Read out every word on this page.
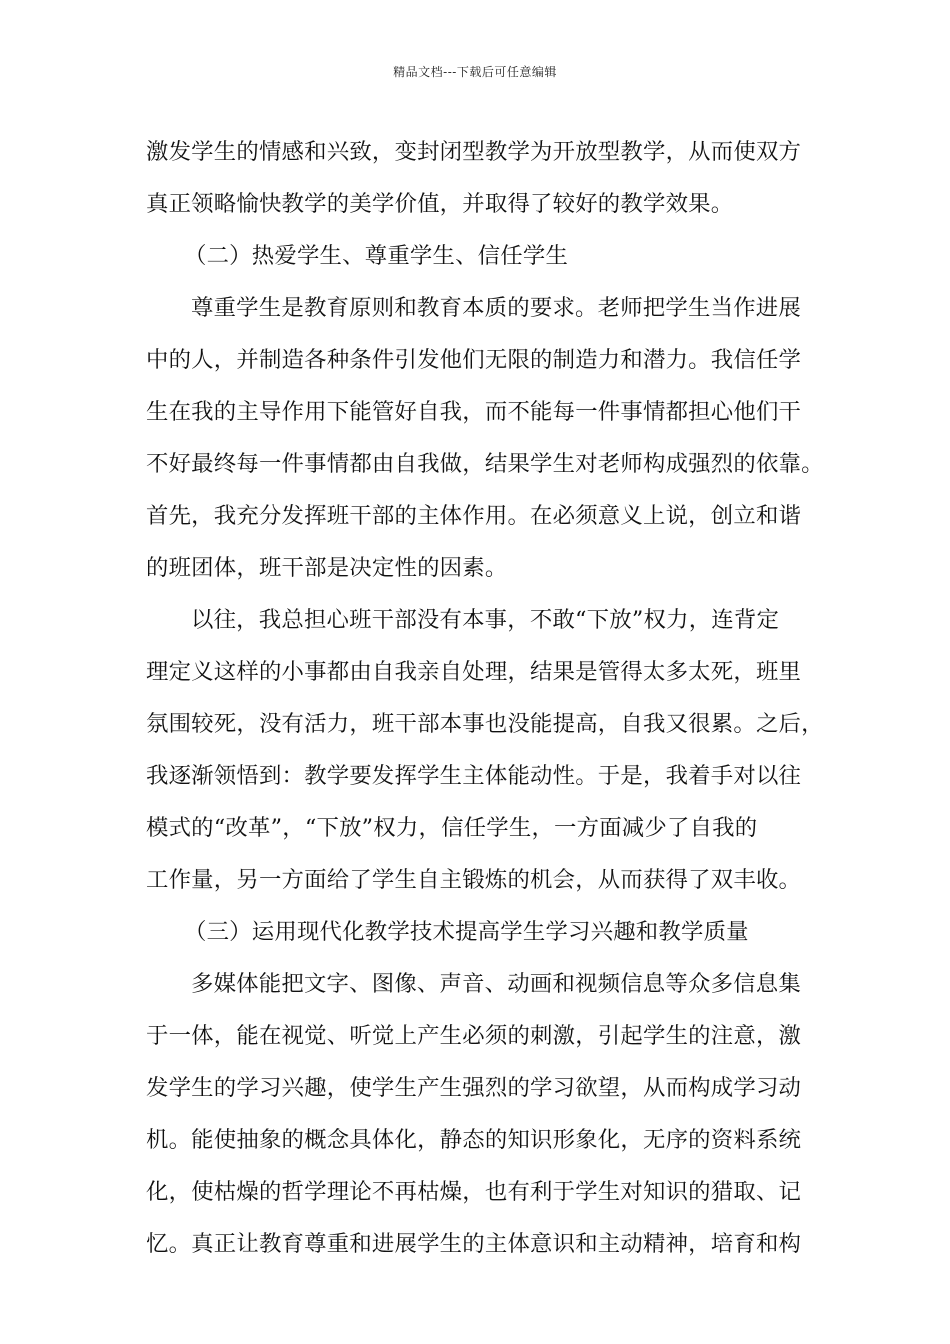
精品文档---下载后可任意编辑
激发学生的情感和兴致，变封闭型教学为开放型教学，从而使双方
真正领略愉快教学的美学价值，并取得了较好的教学效果。
（二）热爱学生、尊重学生、信任学生
尊重学生是教育原则和教育本质的要求。老师把学生当作进展
中的人，并制造各种条件引发他们无限的制造力和潜力。我信任学
生在我的主导作用下能管好自我，而不能每一件事情都担心他们干
不好最终每一件事情都由自我做，结果学生对老师构成强烈的依靠。
首先，我充分发挥班干部的主体作用。在必须意义上说，创立和谐
的班团体，班干部是决定性的因素。
以往，我总担心班干部没有本事，不敢“下放”权力，连背定
理定义这样的小事都由自我亲自处理，结果是管得太多太死，班里
氛围较死，没有活力，班干部本事也没能提高，自我又很累。之后，
我逐渐领悟到：教学要发挥学生主体能动性。于是，我着手对以往
模式的“改革”，“下放”权力，信任学生，一方面减少了自我的
工作量，另一方面给了学生自主锻炼的机会，从而获得了双丰收。
（三）运用现代化教学技术提高学生学习兴趣和教学质量
多媒体能把文字、图像、声音、动画和视频信息等众多信息集
于一体，能在视觉、听觉上产生必须的刺激，引起学生的注意，激
发学生的学习兴趣，使学生产生强烈的学习欲望，从而构成学习动
机。能使抽象的概念具体化，静态的知识形象化，无序的资料系统
化，使枯燥的哲学理论不再枯燥，也有利于学生对知识的猎取、记
忆。真正让教育尊重和进展学生的主体意识和主动精神，培育和构
